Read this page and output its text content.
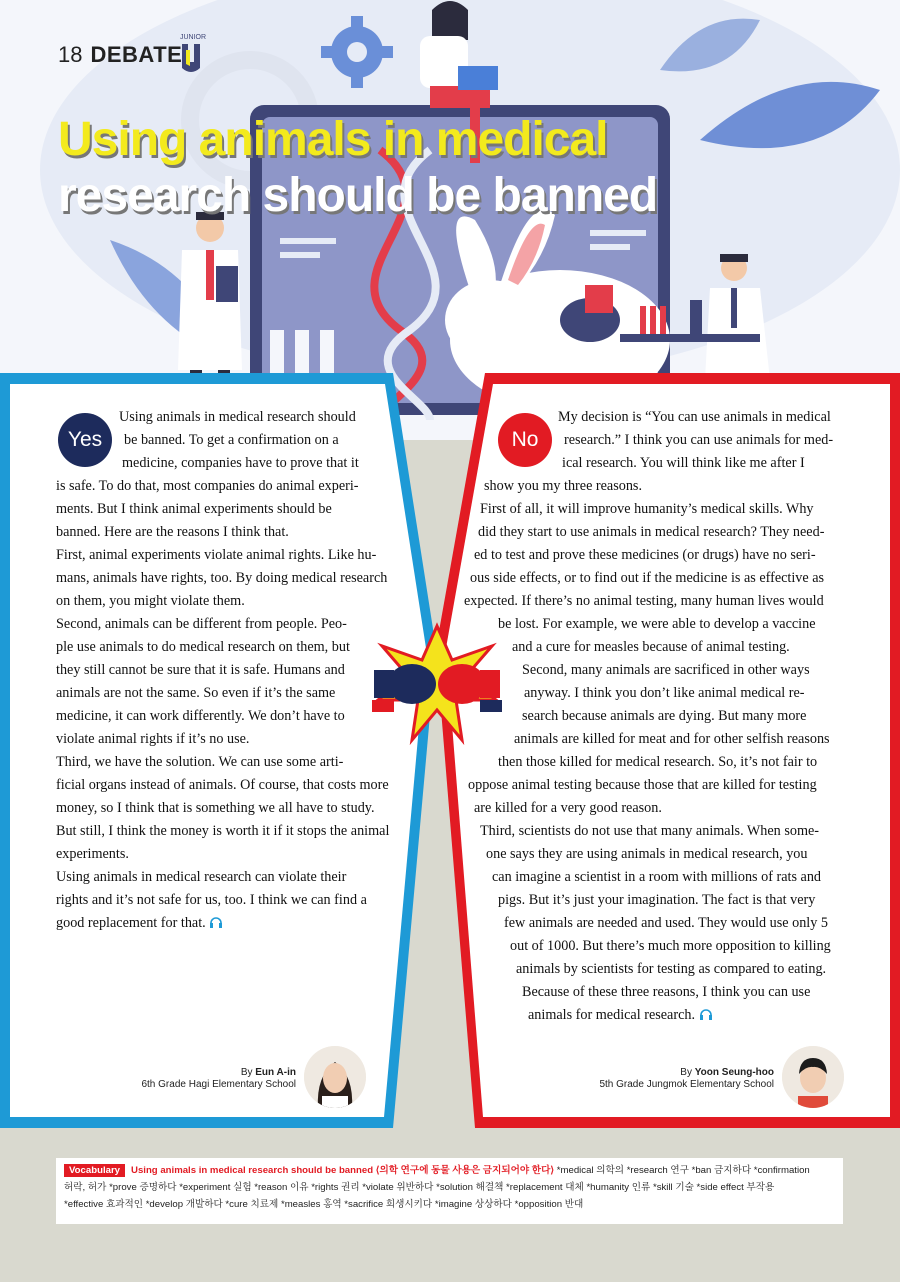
18 DEBATE
JUNIOR
Using animals in medical
research should be banned
Yes	No
Using animals in medical research should
be banned. To get a confirmation on a
medicine, companies have to prove that it
is safe. To do that, most companies do animal experi-
ments. But I think animal experiments should be
banned. Here are the reasons I think that.
First, animal experiments violate animal rights. Like hu-
mans, animals have rights, too. By doing medical research
on them, you might violate them.
Second, animals can be different from people. Peo-
ple use animals to do medical research on them, but
they still cannot be sure that it is safe. Humans and
animals are not the same. So even if it’s the same
medicine, it can work differently. We don’t have to
violate animal rights if it’s no use.
Third, we have the solution. We can use some arti-
ficial organs instead of animals. Of course, that costs more
money, so I think that is something we all have to study.
But still, I think the money is worth it if it stops the animal
experiments.
Using animals in medical research can violate their
rights and it’s not safe for us, too. I think we can find a
good replacement for that.
My decision is “You can use animals in medical
research.” I think you can use animals for med-
ical research. You will think like me after I
show you my three reasons.
First of all, it will improve humanity’s medical skills. Why
did they start to use animals in medical research? They need-
ed to test and prove these medicines (or drugs) have no seri-
ous side effects, or to find out if the medicine is as effective as
expected. If there’s no animal testing, many human lives would
be lost. For example, we were able to develop a vaccine
and a cure for measles because of animal testing.
Second, many animals are sacrificed in other ways
anyway. I think you don’t like animal medical re-
search because animals are dying. But many more
animals are killed for meat and for other selfish reasons
then those killed for medical research. So, it’s not fair to
oppose animal testing because those that are killed for testing
are killed for a very good reason.
Third, scientists do not use that many animals. When some-
one says they are using animals in medical research, you
can imagine a scientist in a room with millions of rats and
pigs. But it’s just your imagination. The fact is that very
few animals are needed and used. They would use only 5
out of 1000. But there’s much more opposition to killing
animals by scientists for testing as compared to eating.
Because of these three reasons, I think you can use
animals for medical research.
By Eun A-in
6th Grade Hagi Elementary School
By Yoon Seung-hoo
5th Grade Jungmok Elementary School
Vocabulary Using animals in medical research should be banned ⟨의학 연구에 동물 사용은 금지되어야 한다⟩ *medical 의학의 *research 연구 *ban 금지하다 *confirmation
허락, 허가 *prove 증명하다 *experiment 실험 *reason 이유 *rights 권리 *violate 위반하다 *solution 해결책 *replacement 대체 *humanity 인류 *skill 기술 *side effect 부작용
*effective 효과적인 *develop 개발하다 *cure 치료제 *measles 홍역 *sacrifice 희생시키다 *imagine 상상하다 *opposition 반대
